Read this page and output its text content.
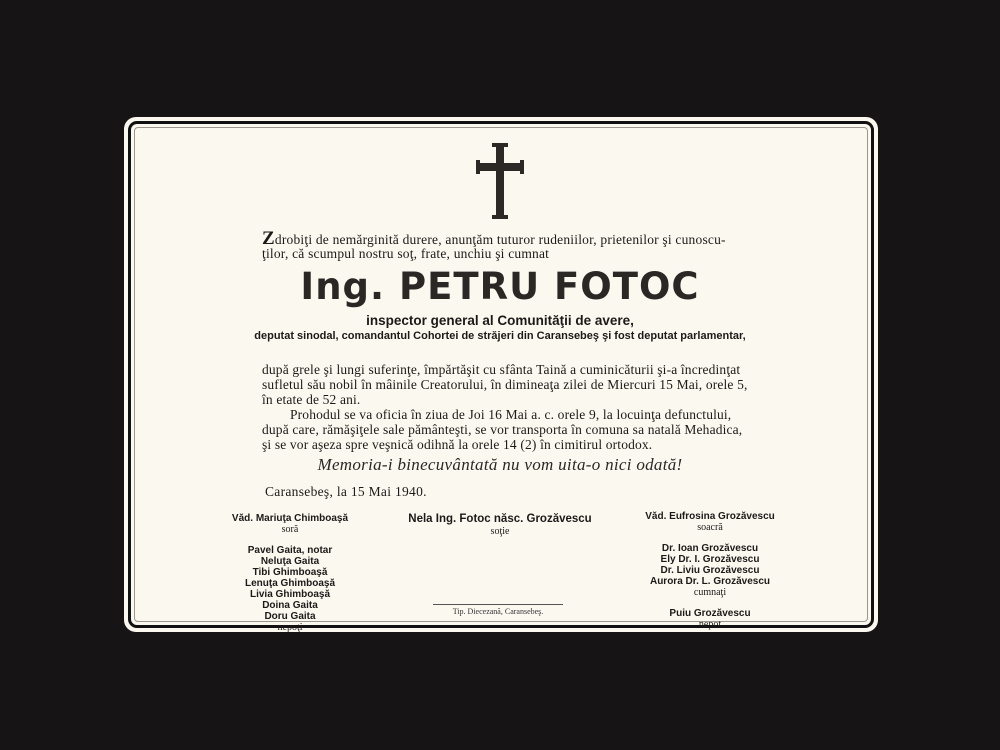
Zdrobiţi de nemărginită durere, anunţăm tuturor rudeniilor, prietenilor şi cunoscu-

ţilor, că scumpul nostru soţ, frate, unchiu şi cumnat

Ing. PETRU FOTOC

inspector general al Comunităţii de avere,

deputat sinodal, comandantul Cohortei de străjeri din Caransebeş şi fost deputat parlamentar,

după grele şi lungi suferinţe, împărtăşit cu sfânta Taină a cuminicăturii şi-a încredinţat

sufletul său nobil în mâinile Creatorului, în dimineaţa zilei de Miercuri 15 Mai, orele 5,

în etate de 52 ani.

Prohodul se va oficia în ziua de Joi 16 Mai a. c. orele 9, la locuinţa defunctului,

după care, rămăşiţele sale pământeşti, se vor transporta în comuna sa natală Mehadica,

şi se vor aşeza spre veşnică odihnă la orele 14 (2) în cimitirul ortodox.

Memoria-i binecuvântată nu vom uita-o nici odată!

Caransebeş, la 15 Mai 1940.

Văd. Mariuţa Chimboaşă
soră
Pavel Gaita, notar
Neluţa Gaita
Tibi Ghimboaşă
Lenuţa Ghimboaşă
Livia Ghimboaşă
Doina Gaita
Doru Gaita
nepoţi
Nela Ing. Fotoc născ. Grozăvescu
soţie
Văd. Eufrosina Grozăvescu
soacră
Dr. Ioan Grozăvescu
Ely Dr. I. Grozăvescu
Dr. Liviu Grozăvescu
Aurora Dr. L. Grozăvescu
cumnaţi
Puiu Grozăvescu
nepot
Tip. Diecezană, Caransebeş.
